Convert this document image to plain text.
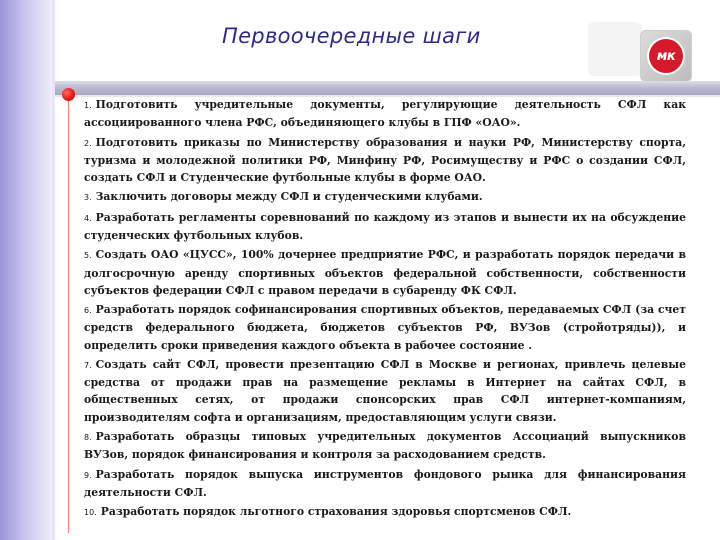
Первоочередные шаги
мк

1. Подготовить учредительные документы, регулирующие деятельность СФЛ как ассоциированного члена РФС, объединяющего клубы в ГПФ «ОАО».

2. Подготовить приказы по Министерству образования и науки РФ, Министерству спорта, туризма и молодежной политики РФ, Минфину РФ, Росимуществу и РФС о создании СФЛ, создать СФЛ и Студенческие футбольные клубы в форме ОАО.

3. Заключить договоры между СФЛ и студенческими клубами.

4. Разработать регламенты соревнований по каждому из этапов и вынести их на обсуждение студенческих футбольных клубов.

5. Создать ОАО «ЦУСС», 100% дочернее предприятие РФС, и разработать порядок передачи в долгосрочную аренду спортивных объектов федеральной собственности, собственности субъектов федерации СФЛ с правом передачи в субаренду ФК СФЛ.

6. Разработать порядок софинансирования спортивных объектов, передаваемых СФЛ (за счет средств федерального бюджета, бюджетов субъектов РФ, ВУЗов (стройотряды)), и определить сроки приведения каждого объекта в рабочее состояние .

7. Создать сайт СФЛ, провести презентацию СФЛ в Москве и регионах, привлечь целевые средства от продажи прав на размещение рекламы в Интернет на сайтах СФЛ, в общественных сетях, от продажи спонсорских прав СФЛ интернет-компаниям, производителям софта и организациям, предоставляющим услуги связи.

8. Разработать образцы типовых учредительных документов Ассоциаций выпускников ВУЗов, порядок финансирования и контроля за расходованием средств.

9. Разработать порядок выпуска инструментов фондового рынка для финансирования деятельности СФЛ.

10. Разработать порядок льготного страхования здоровья спортсменов СФЛ.
